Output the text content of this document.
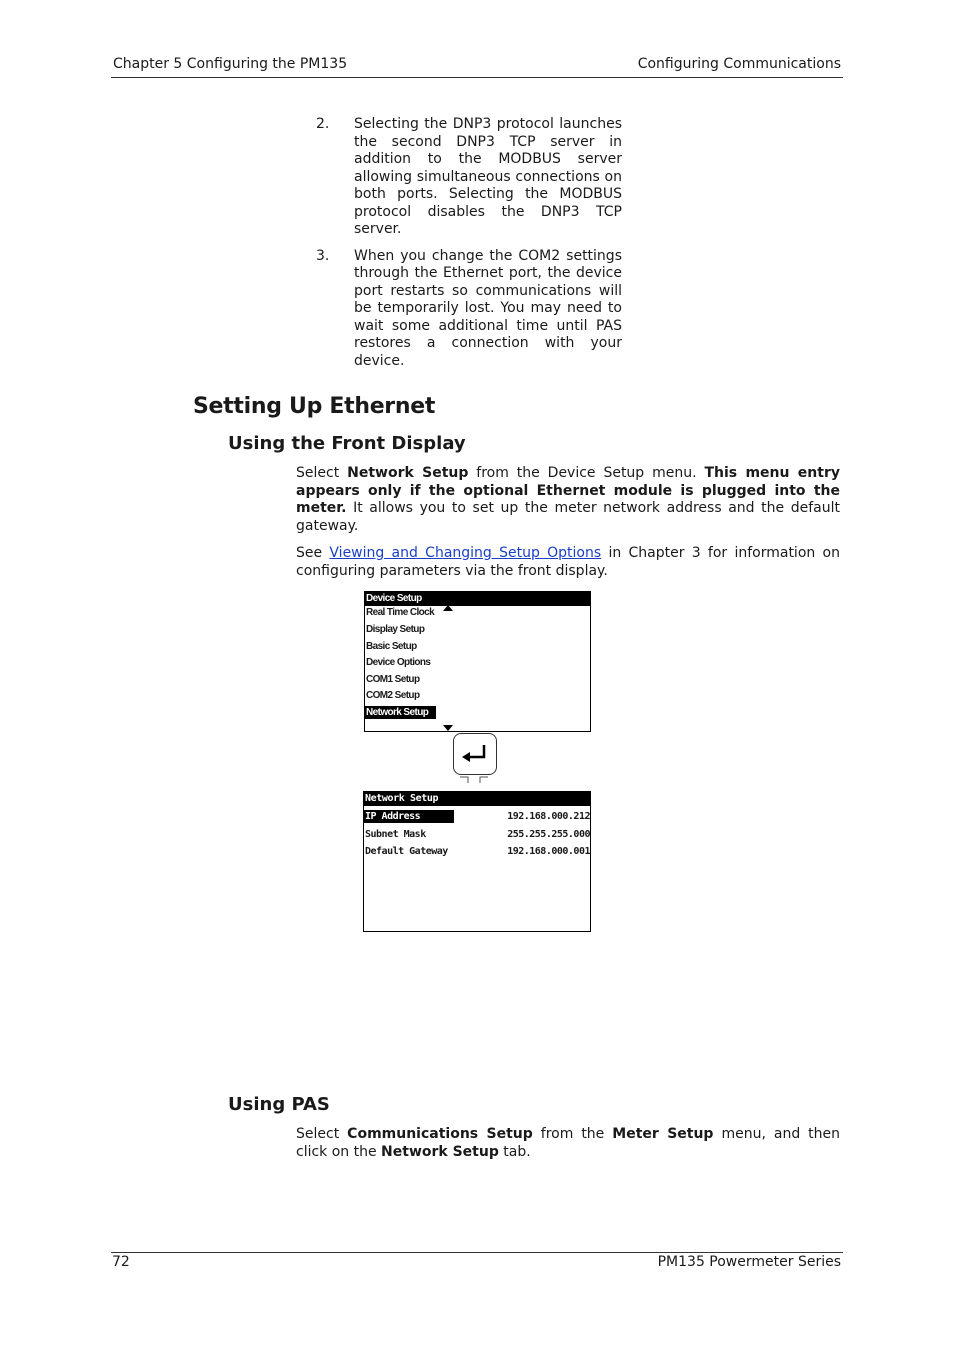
Chapter 5 Configuring the PM135	Configuring Communications
2.	Selecting the DNP3 protocol launches the second DNP3 TCP server in addition to the MODBUS server allowing simultaneous connections on both ports. Selecting the MODBUS protocol disables the DNP3 TCP server.
3.	When you change the COM2 settings through the Ethernet port, the device port restarts so communications will be temporarily lost. You may need to wait some additional time until PAS restores a connection with your device.
Setting Up Ethernet
Using the Front Display

Select Network Setup from the Device Setup menu. This menu entry appears only if the optional Ethernet module is plugged into the meter. It allows you to set up the meter network address and the default gateway.

See Viewing and Changing Setup Options in Chapter 3 for information on configuring parameters via the front display.

Device Setup
Real Time Clock
Display Setup
Basic Setup
Device Options
COM1 Setup
COM2 Setup
Network Setup
Network Setup
IP Address	192.168.000.212
Subnet Mask	255.255.255.000
Default Gateway	192.168.000.001
Using PAS

Select Communications Setup from the Meter Setup menu, and then click on the Network Setup tab.

72	PM135 Powermeter Series
